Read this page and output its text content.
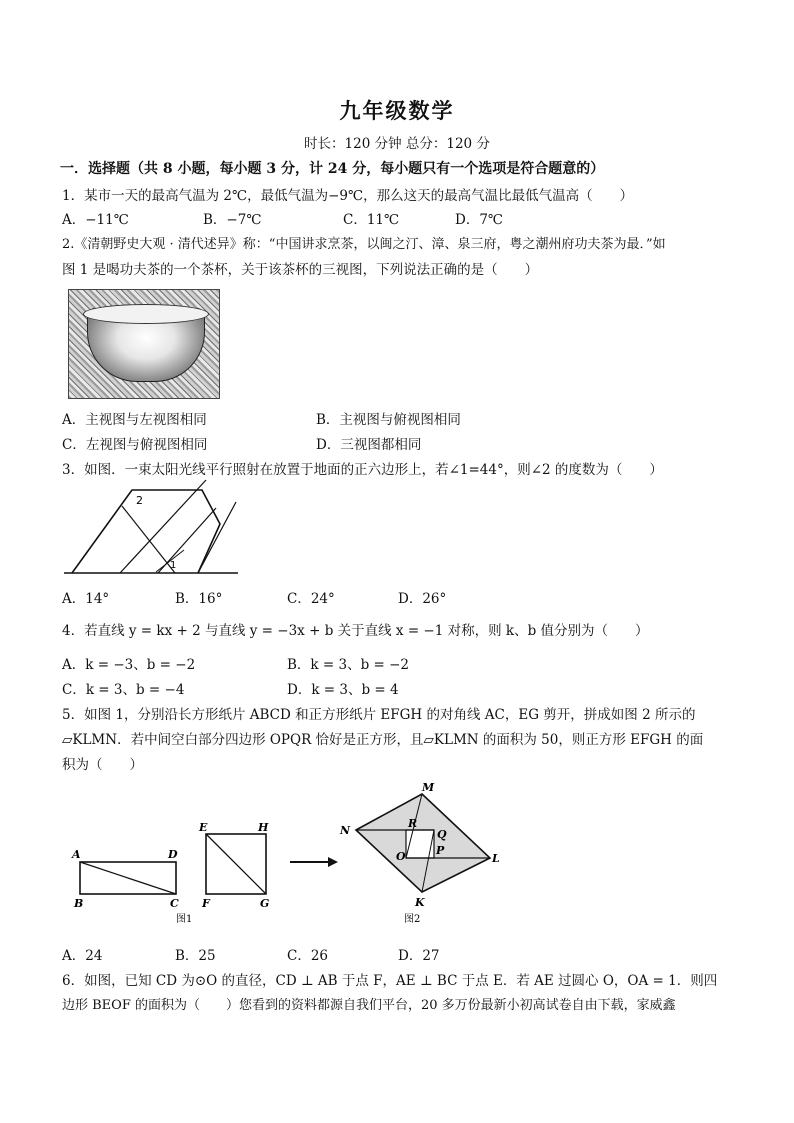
九年级数学
时长：120 分钟 总分：120 分
一．选择题（共 8 小题，每小题 3 分，计 24 分，每小题只有一个选项是符合题意的）
1．某市一天的最高气温为 2℃，最低气温为−9℃，那么这天的最高气温比最低气温高（　　）
A．−11℃	B．−7℃	C．11℃	D．7℃
2.《清朝野史大观 · 清代述异》称：“中国讲求烹茶，以闽之汀、漳、泉三府，粤之潮州府功夫茶为最．”如
图 1 是喝功夫茶的一个茶杯，关于该茶杯的三视图，下列说法正确的是（　　）
A．主视图与左视图相同	B．主视图与俯视图相同
C．左视图与俯视图相同	D．三视图都相同
3．如图．一束太阳光线平行照射在放置于地面的正六边形上，若∠1=44°，则∠2 的度数为（　　）
2
1
A．14°	B．16°	C．24°	D．26°
4．若直线 y = kx + 2 与直线 y = −3x + b 关于直线 x = −1 对称，则 k、b 值分别为（　　）
A．k = −3、b = −2	B．k = 3、b = −2
C．k = 3、b = −4	D．k = 3、b = 4
5．如图 1，分别沿长方形纸片 ABCD 和正方形纸片 EFGH 的对角线 AC，EG 剪开，拼成如图 2 所示的
▱KLMN．若中间空白部分四边形 OPQR 恰好是正方形，且▱KLMN 的面积为 50，则正方形 EFGH 的面
积为（　　）
A	D
B	C
E	H
F	G
图1
M
N
L
K
R
Q
O	P
图2
A．24	B．25	C．26	D．27
6．如图，已知 CD 为⊙O 的直径，CD ⊥ AB 于点 F，AE ⊥ BC 于点 E．若 AE 过圆心 O，OA = 1．则四
边形 BEOF 的面积为（　　）您看到的资料都源自我们平台，20 多万份最新小初高试卷自由下载，家威鑫
